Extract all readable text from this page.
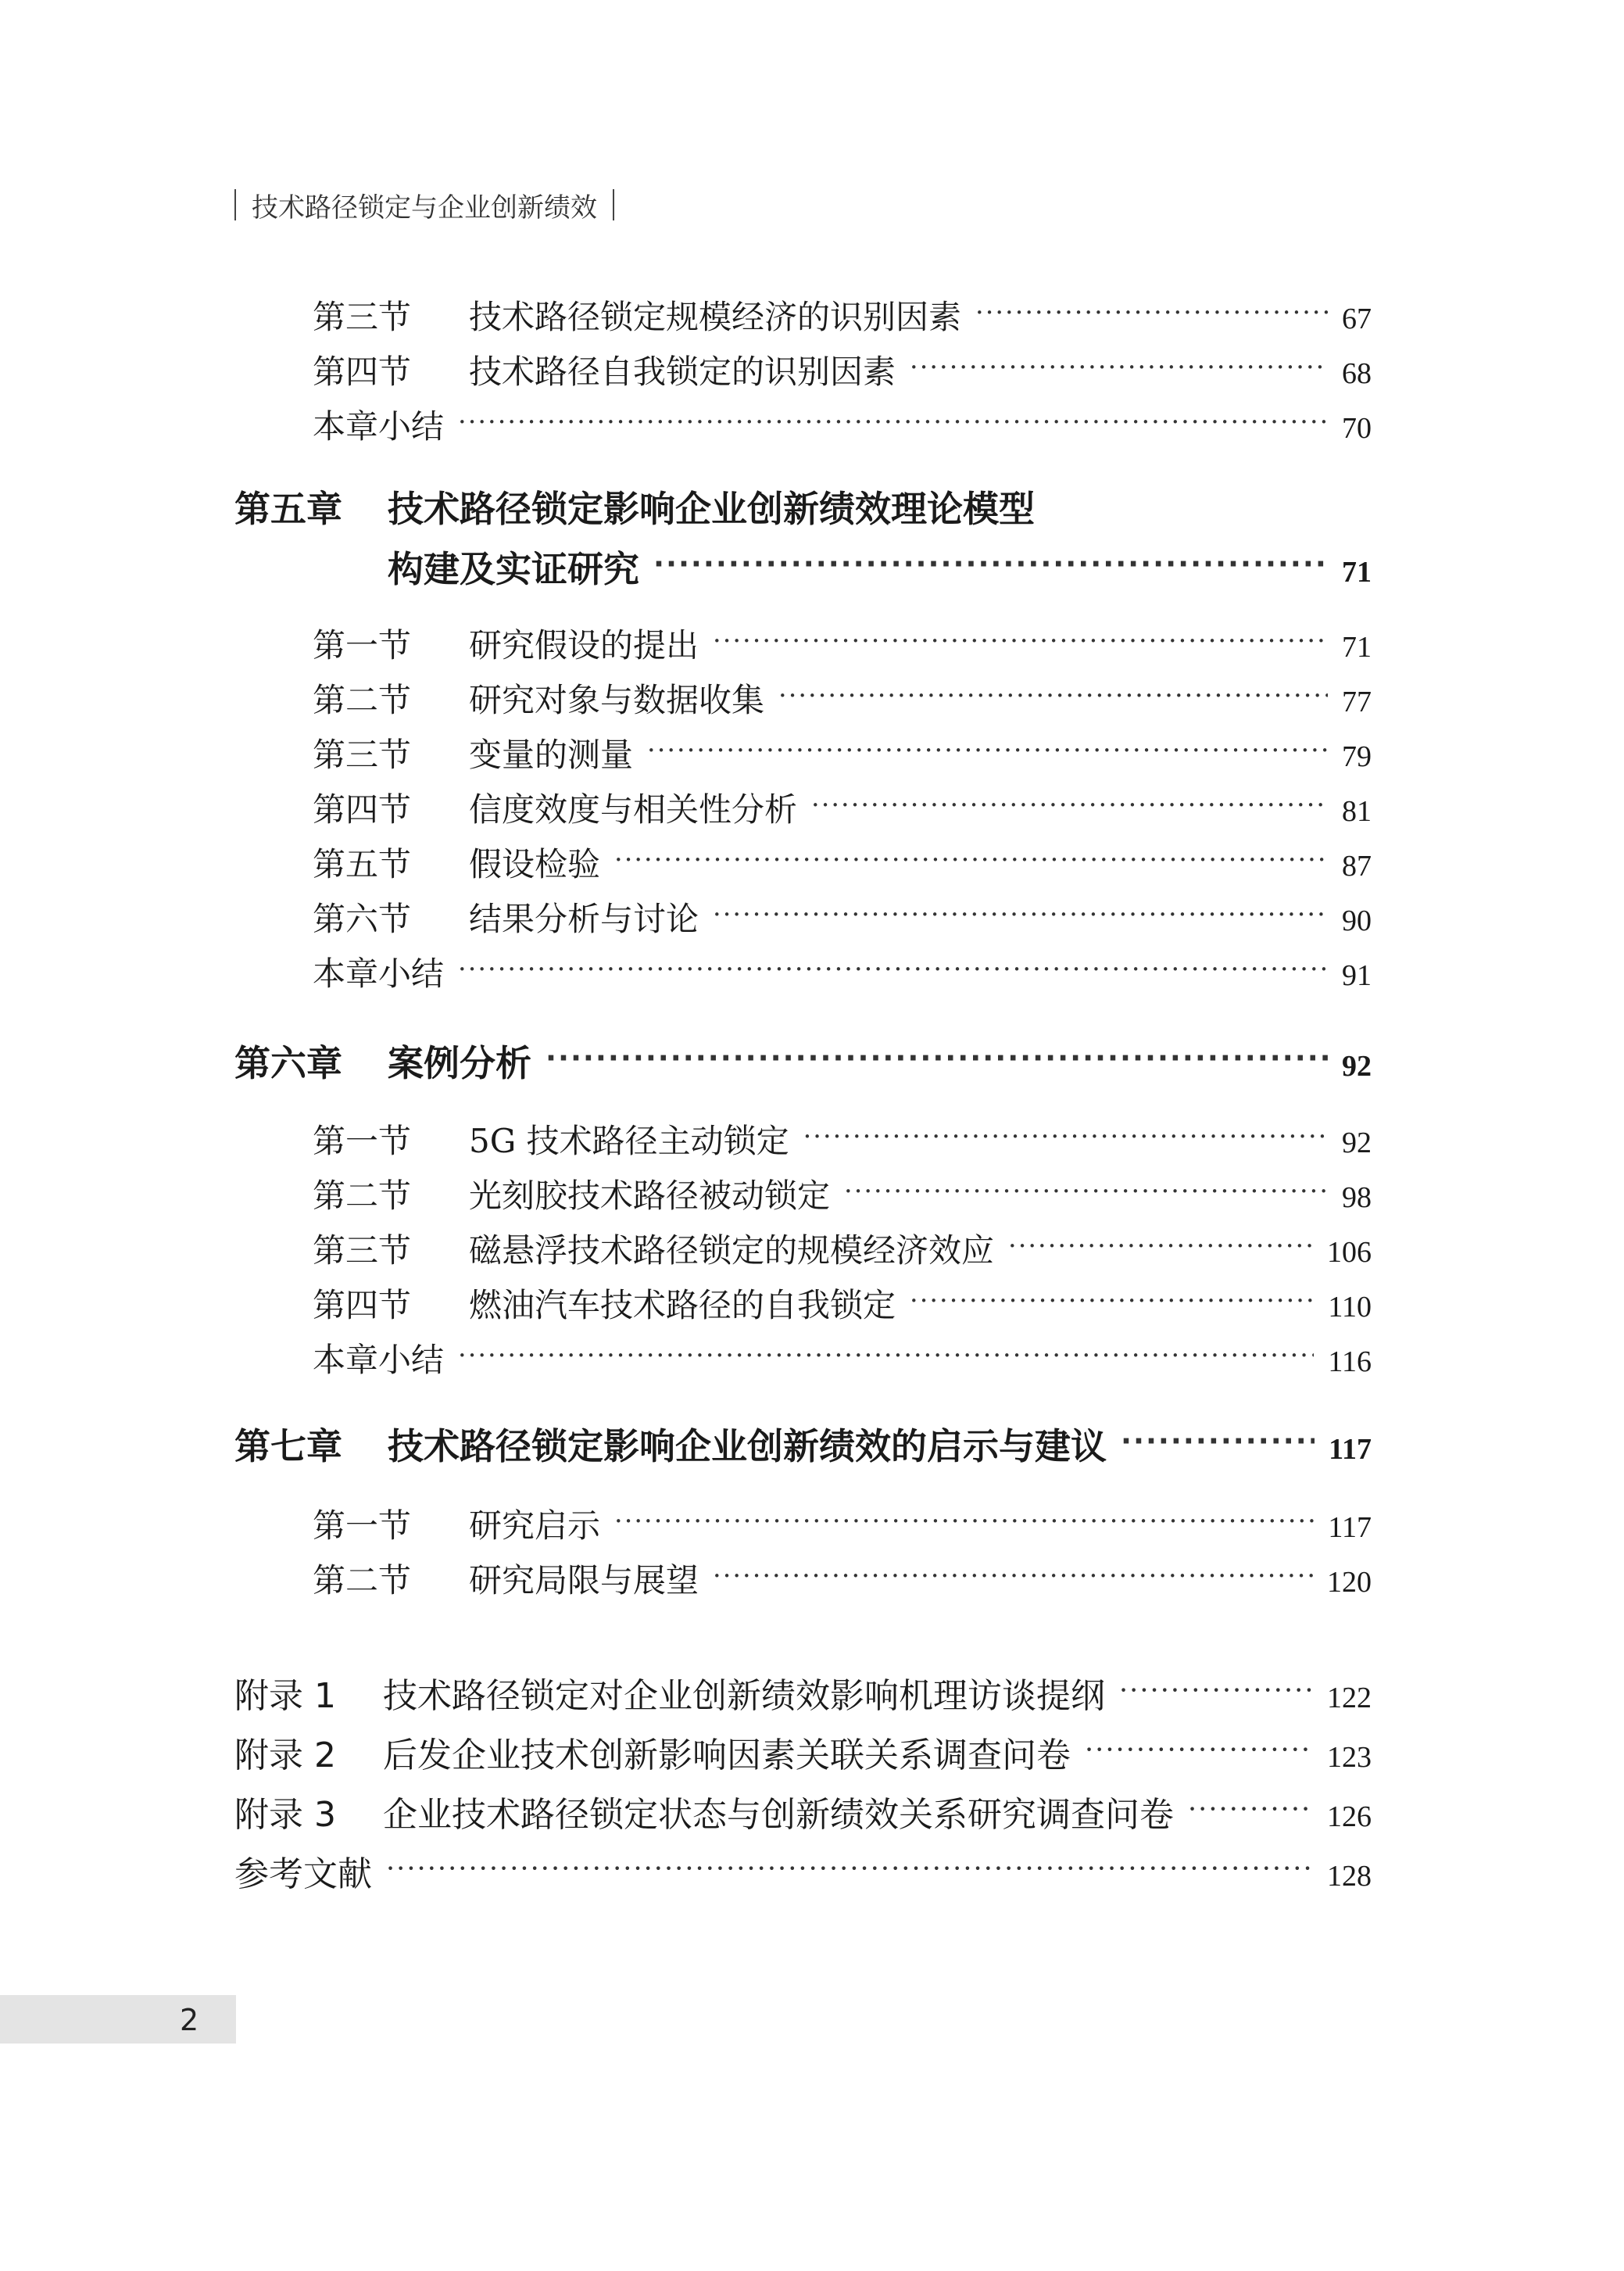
技术路径锁定与企业创新绩效
第三节	技术路径锁定规模经济的识别因素 ·····	67
第四节	技术路径自我锁定的识别因素 ·····	68
本章小结 ·····	70
第五章	技术路径锁定影响企业创新绩效理论模型
构建及实证研究 ·····	71
第一节	研究假设的提出 ·····	71
第二节	研究对象与数据收集 ·····	77
第三节	变量的测量 ·····	79
第四节	信度效度与相关性分析 ·····	81
第五节	假设检验 ·····	87
第六节	结果分析与讨论 ·····	90
本章小结 ·····	91
第六章	案例分析 ·····	92
第一节	5G 技术路径主动锁定 ·····	92
第二节	光刻胶技术路径被动锁定 ·····	98
第三节	磁悬浮技术路径锁定的规模经济效应 ·····	106
第四节	燃油汽车技术路径的自我锁定 ·····	110
本章小结 ·····	116
第七章	技术路径锁定影响企业创新绩效的启示与建议 ·····	117
第一节	研究启示 ·····	117
第二节	研究局限与展望 ·····	120
附录 1	技术路径锁定对企业创新绩效影响机理访谈提纲 ·····	122
附录 2	后发企业技术创新影响因素关联关系调查问卷 ·····	123
附录 3	企业技术路径锁定状态与创新绩效关系研究调查问卷 ·····	126
参考文献 ·····	128
2
